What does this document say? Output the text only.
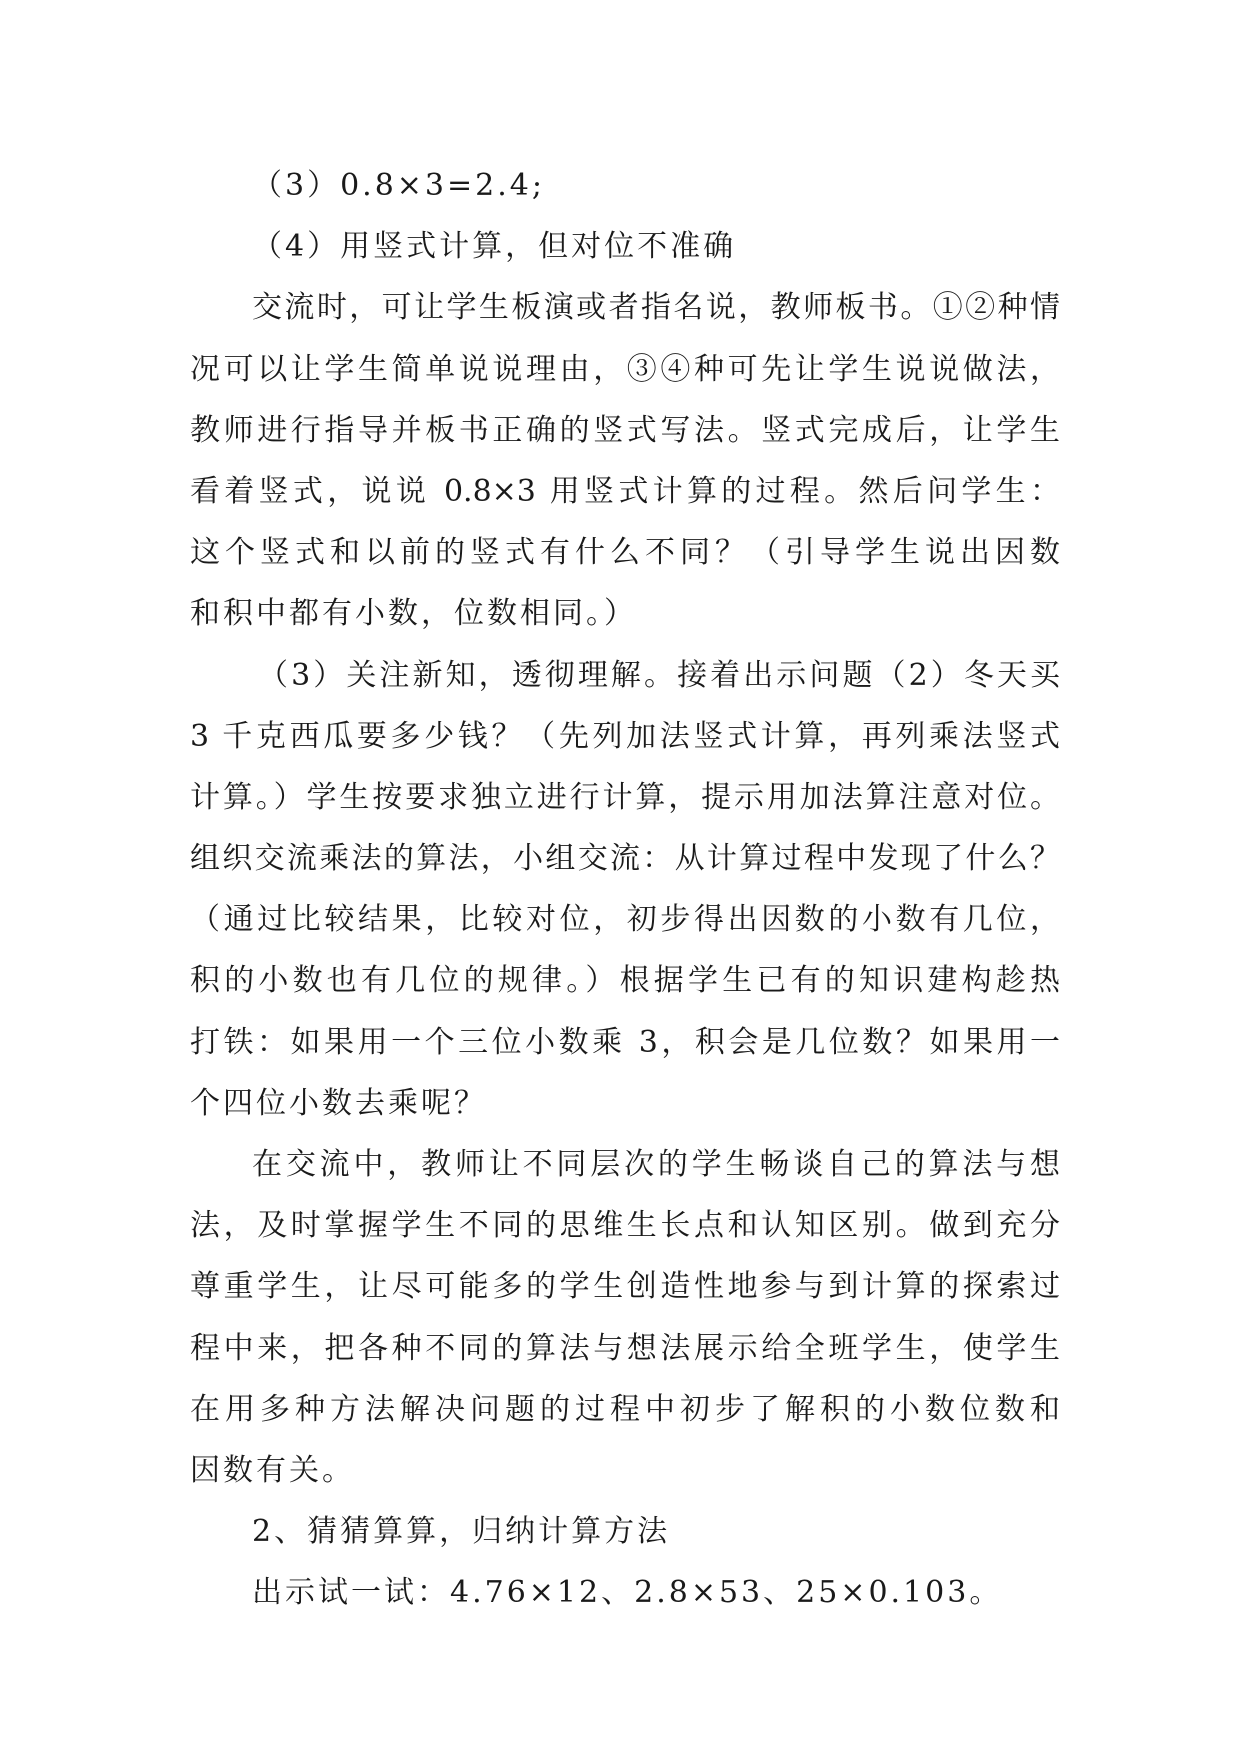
（3）0.8×3=2.4;
（4）用竖式计算，但对位不准确
交流时，可让学生板演或者指名说，教师板书。①②种情
况可以让学生简单说说理由，③④种可先让学生说说做法，
教师进行指导并板书正确的竖式写法。竖式完成后，让学生
看着竖式，说说 0.8×3 用竖式计算的过程。然后问学生：
这个竖式和以前的竖式有什么不同？（引导学生说出因数
和积中都有小数，位数相同。）
（3）关注新知，透彻理解。接着出示问题（2）冬天买
3 千克西瓜要多少钱？（先列加法竖式计算，再列乘法竖式
计算。）学生按要求独立进行计算，提示用加法算注意对位。
组织交流乘法的算法，小组交流：从计算过程中发现了什么？
（通过比较结果，比较对位，初步得出因数的小数有几位，
积的小数也有几位的规律。）根据学生已有的知识建构趁热
打铁：如果用一个三位小数乘 3，积会是几位数？如果用一
个四位小数去乘呢？
在交流中，教师让不同层次的学生畅谈自己的算法与想
法，及时掌握学生不同的思维生长点和认知区别。做到充分
尊重学生，让尽可能多的学生创造性地参与到计算的探索过
程中来，把各种不同的算法与想法展示给全班学生，使学生
在用多种方法解决问题的过程中初步了解积的小数位数和
因数有关。
2、猜猜算算，归纳计算方法
出示试一试：4.76×12、2.8×53、25×0.103。
